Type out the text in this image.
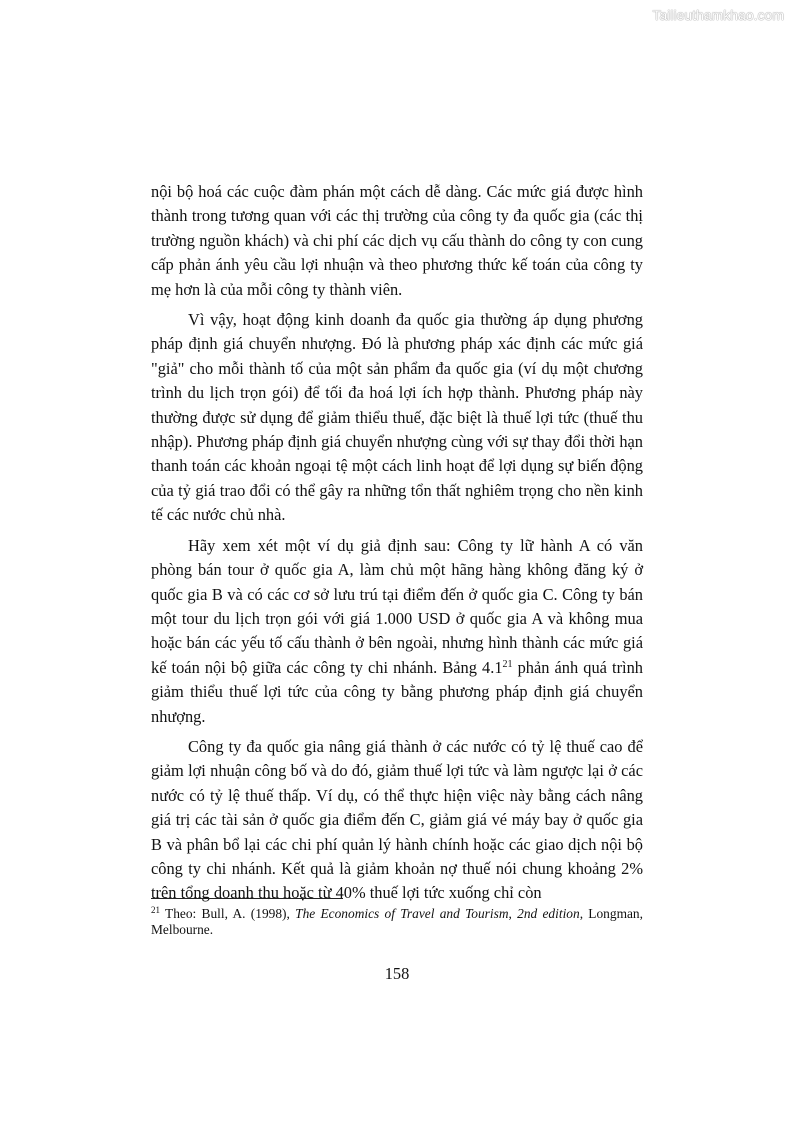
Tailieuthamkhao.com

nội bộ hoá các cuộc đàm phán một cách dễ dàng. Các mức giá được hình thành trong tương quan với các thị trường của công ty đa quốc gia (các thị trường nguồn khách) và chi phí các dịch vụ cấu thành do công ty con cung cấp phản ánh yêu cầu lợi nhuận và theo phương thức kế toán của công ty mẹ hơn là của mỗi công ty thành viên.

Vì vậy, hoạt động kinh doanh đa quốc gia thường áp dụng phương pháp định giá chuyển nhượng. Đó là phương pháp xác định các mức giá "giả" cho mỗi thành tố của một sản phẩm đa quốc gia (ví dụ một chương trình du lịch trọn gói) để tối đa hoá lợi ích hợp thành. Phương pháp này thường được sử dụng để giảm thiểu thuế, đặc biệt là thuế lợi tức (thuế thu nhập). Phương pháp định giá chuyển nhượng cùng với sự thay đổi thời hạn thanh toán các khoản ngoại tệ một cách linh hoạt để lợi dụng sự biến động của tỷ giá trao đổi có thể gây ra những tổn thất nghiêm trọng cho nền kinh tế các nước chủ nhà.

Hãy xem xét một ví dụ giả định sau: Công ty lữ hành A có văn phòng bán tour ở quốc gia A, làm chủ một hãng hàng không đăng ký ở quốc gia B và có các cơ sở lưu trú tại điểm đến ở quốc gia C. Công ty bán một tour du lịch trọn gói với giá 1.000 USD ở quốc gia A và không mua hoặc bán các yếu tố cấu thành ở bên ngoài, nhưng hình thành các mức giá kế toán nội bộ giữa các công ty chi nhánh. Bảng $4.1^{21}$ phản ánh quá trình giảm thiểu thuế lợi tức của công ty bằng phương pháp định giá chuyển nhượng.

Công ty đa quốc gia nâng giá thành ở các nước có tỷ lệ thuế cao để giảm lợi nhuận công bố và do đó, giảm thuế lợi tức và làm ngược lại ở các nước có tỷ lệ thuế thấp. Ví dụ, có thể thực hiện việc này bằng cách nâng giá trị các tài sản ở quốc gia điểm đến C, giảm giá vé máy bay ở quốc gia B và phân bổ lại các chi phí quản lý hành chính hoặc các giao dịch nội bộ công ty chi nhánh. Kết quả là giảm khoản nợ thuế nói chung khoảng 2% trên tổng doanh thu hoặc từ 40% thuế lợi tức xuống chỉ còn

$^{21}$ Theo: Bull, A. (1998), The Economics of Travel and Tourism, 2nd edition, Longman, Melbourne.
158
